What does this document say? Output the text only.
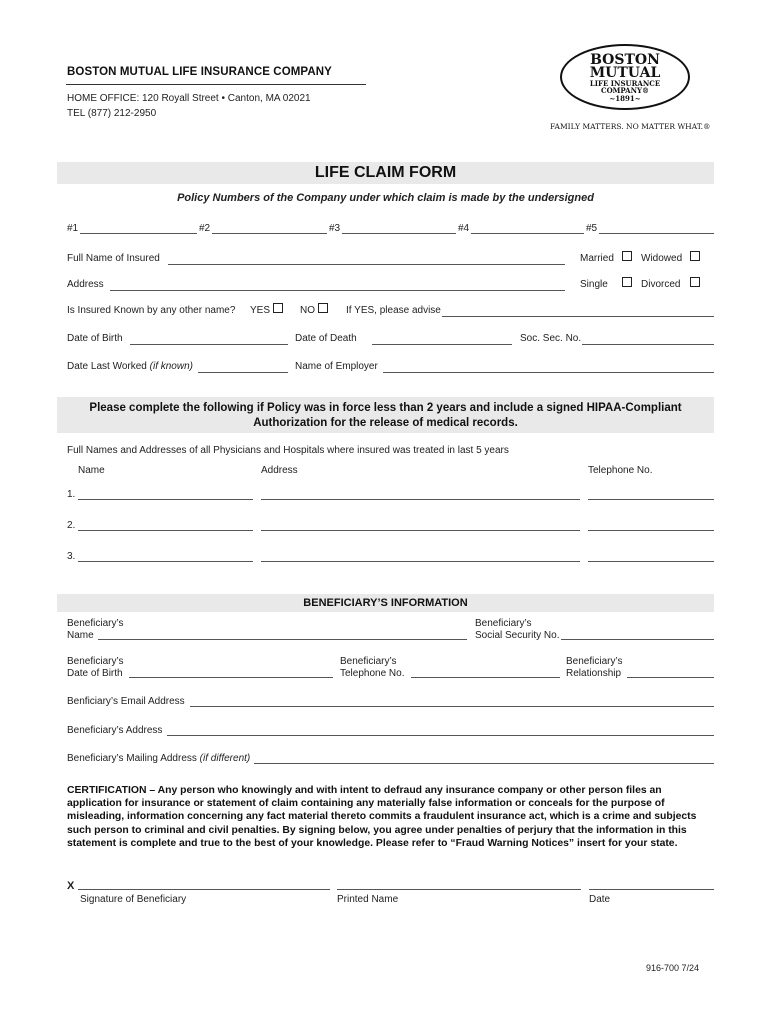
BOSTON MUTUAL LIFE INSURANCE COMPANY
HOME OFFICE: 120 Royall Street • Canton, MA 02021
TEL (877) 212-2950
BOSTON
MUTUAL
LIFE INSURANCE
COMPANY®
~1891~
FAMILY MATTERS. NO MATTER WHAT.®
LIFE CLAIM FORM
Policy Numbers of the Company under which claim is made by the undersigned
#1	#2	#3	#4	#5
Full Name of Insured	Married	Widowed
Address	Single	Divorced
Is Insured Known by any other name? YES	NO	If YES, please advise
Date of Birth	Date of Death	Soc. Sec. No.
Date Last Worked (if known)	Name of Employer
Please complete the following if Policy was in force less than 2 years and include a signed HIPAA-Compliant
Authorization for the release of medical records.
Full Names and Addresses of all Physicians and Hospitals where insured was treated in last 5 years
Name	Address	Telephone No.
1.
2.
3.
BENEFICIARY’S INFORMATION
Beneficiary’s
Name
Beneficiary’s
Social Security No.
Beneficiary’s
Date of Birth
Beneficiary’s
Telephone No.
Beneficiary’s
Relationship
Benficiary’s Email Address
Beneficiary’s Address
Beneficiary’s Mailing Address (if different)
CERTIFICATION – Any person who knowingly and with intent to defraud any insurance company or other person files an application for insurance or statement of claim containing any materially false information or conceals for the purpose of misleading, information concerning any fact material thereto commits a fraudulent insurance act, which is a crime and subjects such person to criminal and civil penalties. By signing below, you agree under penalties of perjury that the information in this statement is complete and true to the best of your knowledge. Please refer to “Fraud Warning Notices” insert for your state.
X
Signature of Beneficiary	Printed Name	Date
916-700 7/24
